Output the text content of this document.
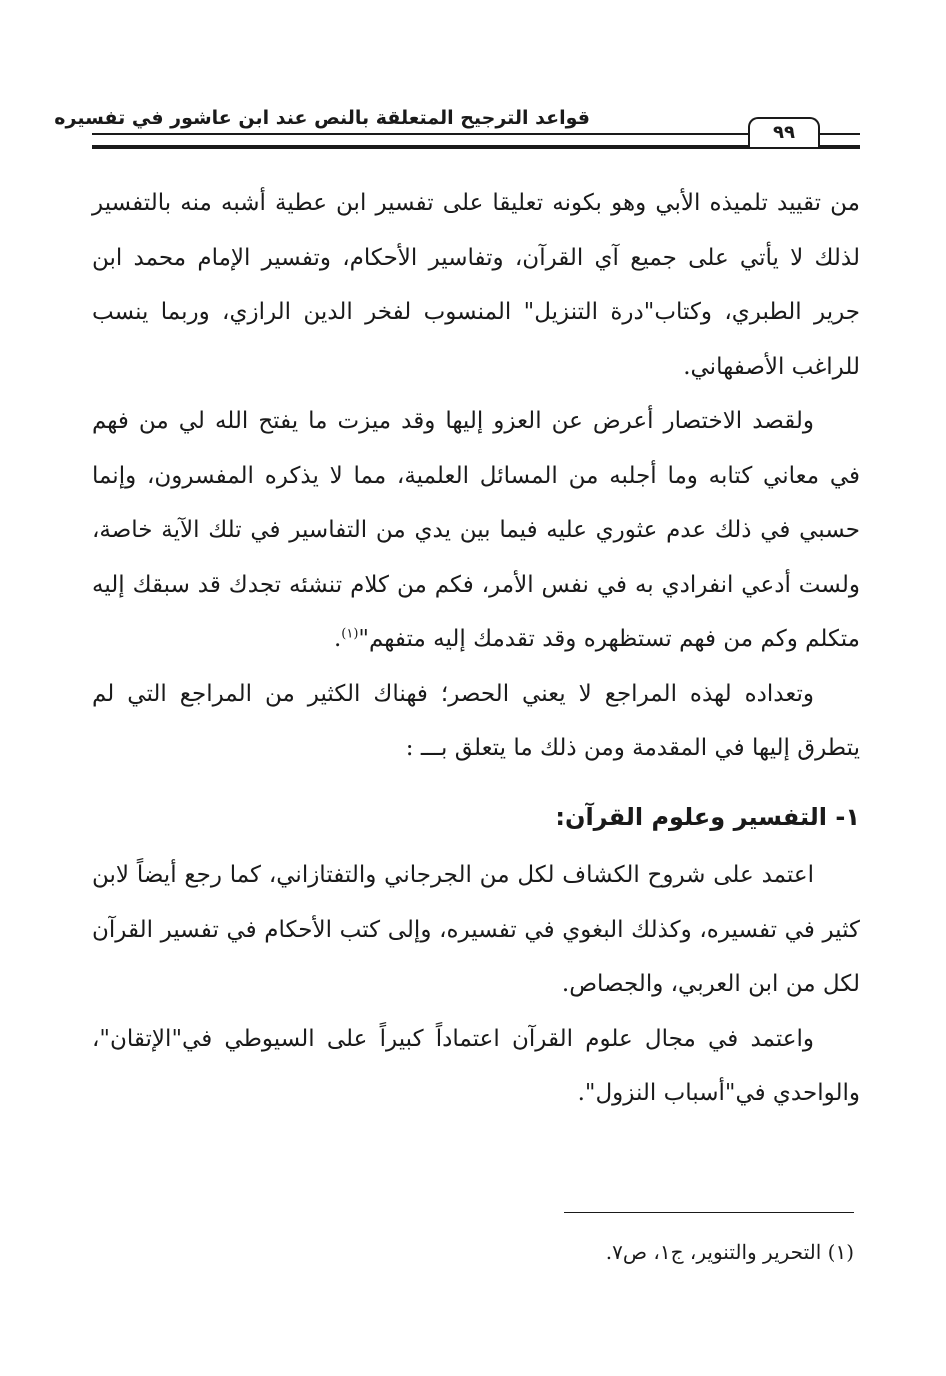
قواعد الترجيح المتعلقة بالنص عند ابن عاشور في تفسيره
٩٩

من تقييد تلميذه الأبي وهو بكونه تعليقا على تفسير ابن عطية أشبه منه بالتفسير لذلك لا يأتي على جميع آي القرآن، وتفاسير الأحكام، وتفسير الإمام محمد ابن جرير الطبري، وكتاب"درة التنزيل" المنسوب لفخر الدين الرازي، وربما ينسب للراغب الأصفهاني.

ولقصد الاختصار أعرض عن العزو إليها وقد ميزت ما يفتح الله لي من فهم في معاني كتابه وما أجلبه من المسائل العلمية، مما لا يذكره المفسرون، وإنما حسبي في ذلك عدم عثوري عليه فيما بين يدي من التفاسير في تلك الآية خاصة، ولست أدعي انفرادي به في نفس الأمر، فكم من كلام تنشئه تجدك قد سبقك إليه متكلم وكم من فهم تستظهره وقد تقدمك إليه متفهم"$^{(١)}$.

وتعداده لهذه المراجع لا يعني الحصر؛ فهناك الكثير من المراجع التي لم يتطرق إليها في المقدمة ومن ذلك ما يتعلق بـــ :

١- التفسير وعلوم القرآن:

اعتمد على شروح الكشاف لكل من الجرجاني والتفتازاني، كما رجع أيضاً لابن كثير في تفسيره، وكذلك البغوي في تفسيره، وإلى كتب الأحكام في تفسير القرآن لكل من ابن العربي، والجصاص.

واعتمد في مجال علوم القرآن اعتماداً كبيراً على السيوطي في"الإتقان"، والواحدي في"أسباب النزول".

(١) التحرير والتنوير، ج١، ص٧.
